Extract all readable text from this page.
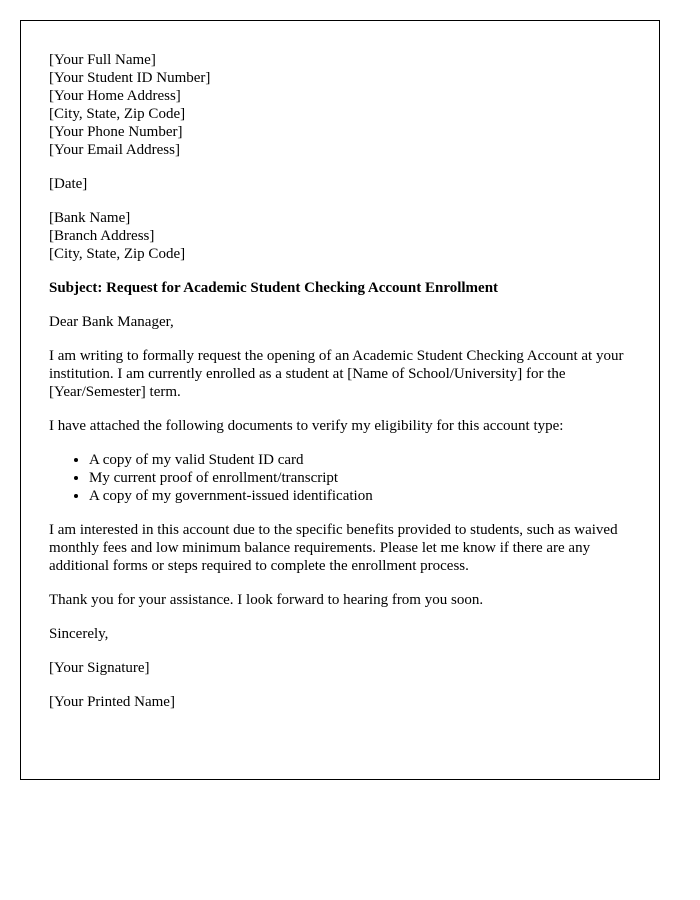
[Your Full Name]
[Your Student ID Number]
[Your Home Address]
[City, State, Zip Code]
[Your Phone Number]
[Your Email Address]
[Date]
[Bank Name]
[Branch Address]
[City, State, Zip Code]

Subject: Request for Academic Student Checking Account Enrollment

Dear Bank Manager,

I am writing to formally request the opening of an Academic Student Checking Account at your institution. I am currently enrolled as a student at [Name of School/University] for the [Year/Semester] term.

I have attached the following documents to verify my eligibility for this account type:

• A copy of my valid Student ID card
• My current proof of enrollment/transcript
• A copy of my government-issued identification

I am interested in this account due to the specific benefits provided to students, such as waived monthly fees and low minimum balance requirements. Please let me know if there are any additional forms or steps required to complete the enrollment process.

Thank you for your assistance. I look forward to hearing from you soon.

Sincerely,

[Your Signature]

[Your Printed Name]
